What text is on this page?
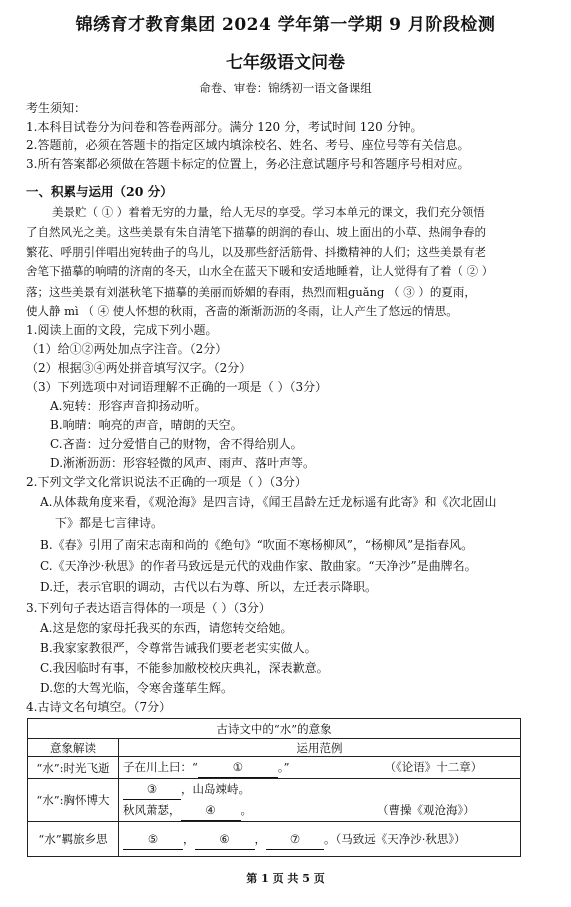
锦绣育才教育集团 2024 学年第一学期 9 月阶段检测
七年级语文问卷
命卷、审卷：锦绣初一语文备课组
考生须知：
1.本科目试卷分为问卷和答卷两部分。满分 120 分，考试时间 120 分钟。
2.答题前，必须在答题卡的指定区域内填涂校名、姓名、考号、座位号等有关信息。
3.所有答案都必须做在答题卡标定的位置上，务必注意试题序号和答题序号相对应。
一、积累与运用（20 分）
美景贮（ ① ）着着无穷的力量，给人无尽的享受。学习本单元的课文，我们充分领悟
了自然风光之美。这些美景有朱自清笔下描摹的朗润的春山、坡上面出的小草、热闹争春的
繁花、呼朋引伴唱出宛转曲子的鸟儿，以及那些舒活筋骨、抖擞精神的人们；这些美景有老
舍笔下描摹的响晴的济南的冬天，山水全在蓝天下暖和安适地睡着，让人觉得有了着（ ② ）
落；这些美景有刘湛秋笔下描摹的美丽而娇媚的春雨，热烈而粗guǎng （ ③ ）的夏雨，
使人静 mì （ ④ 使人怀想的秋雨，吝啬的渐渐沥沥的冬雨，让人产生了悠远的情思。
1.阅读上面的文段，完成下列小题。
（1）给①②两处加点字注音。（2分）
（2）根据③④两处拼音填写汉字。（2分）
（3）下列选项中对词语理解不正确的一项是（ ）（3分）
A.宛转：形容声音抑扬动听。
B.响晴：响亮的声音，晴朗的天空。
C.吝啬：过分爱惜自己的财物，舍不得给别人。
D.淅淅沥沥：形容轻微的风声、雨声、落叶声等。
2.下列文学文化常识说法不正确的一项是（ ）（3分）
A.从体裁角度来看，《观沧海》是四言诗，《闻王昌龄左迁龙标遥有此寄》和《次北固山
下》都是七言律诗。
B.《春》引用了南宋志南和尚的《绝句》“吹面不寒杨柳风”，“杨柳风”是指春风。
C.《天净沙·秋思》的作者马致远是元代的戏曲作家、散曲家。“天净沙”是曲牌名。
D.迁，表示官职的调动，古代以右为尊、所以，左迁表示降职。
3.下列句子表达语言得体的一项是（ ）（3分）
A.这是您的家母托我买的东西，请您转交给她。
B.我家家教很严，令尊常告诫我们要老老实实做人。
C.我因临时有事，不能参加敝校校庆典礼，深表歉意。
D.您的大驾光临，令寒舍蓬荜生辉。
古诗文中的“水”的意象	
意象解读	运用范例
“水”:时光飞逝	子在川上曰：“ ① 。” （《论语》十二章）

“水”:胸怀博大	③ ，山岛竦峙。
秋风萧瑟， ④ 。 （曹操《观沧海》）

“水”羁旅乡思	⑤ ， ⑥ ， ⑦ 。（马致远《天净沙·秋思》）
4.古诗文名句填空。（7分）
第 1 页 共 5 页
